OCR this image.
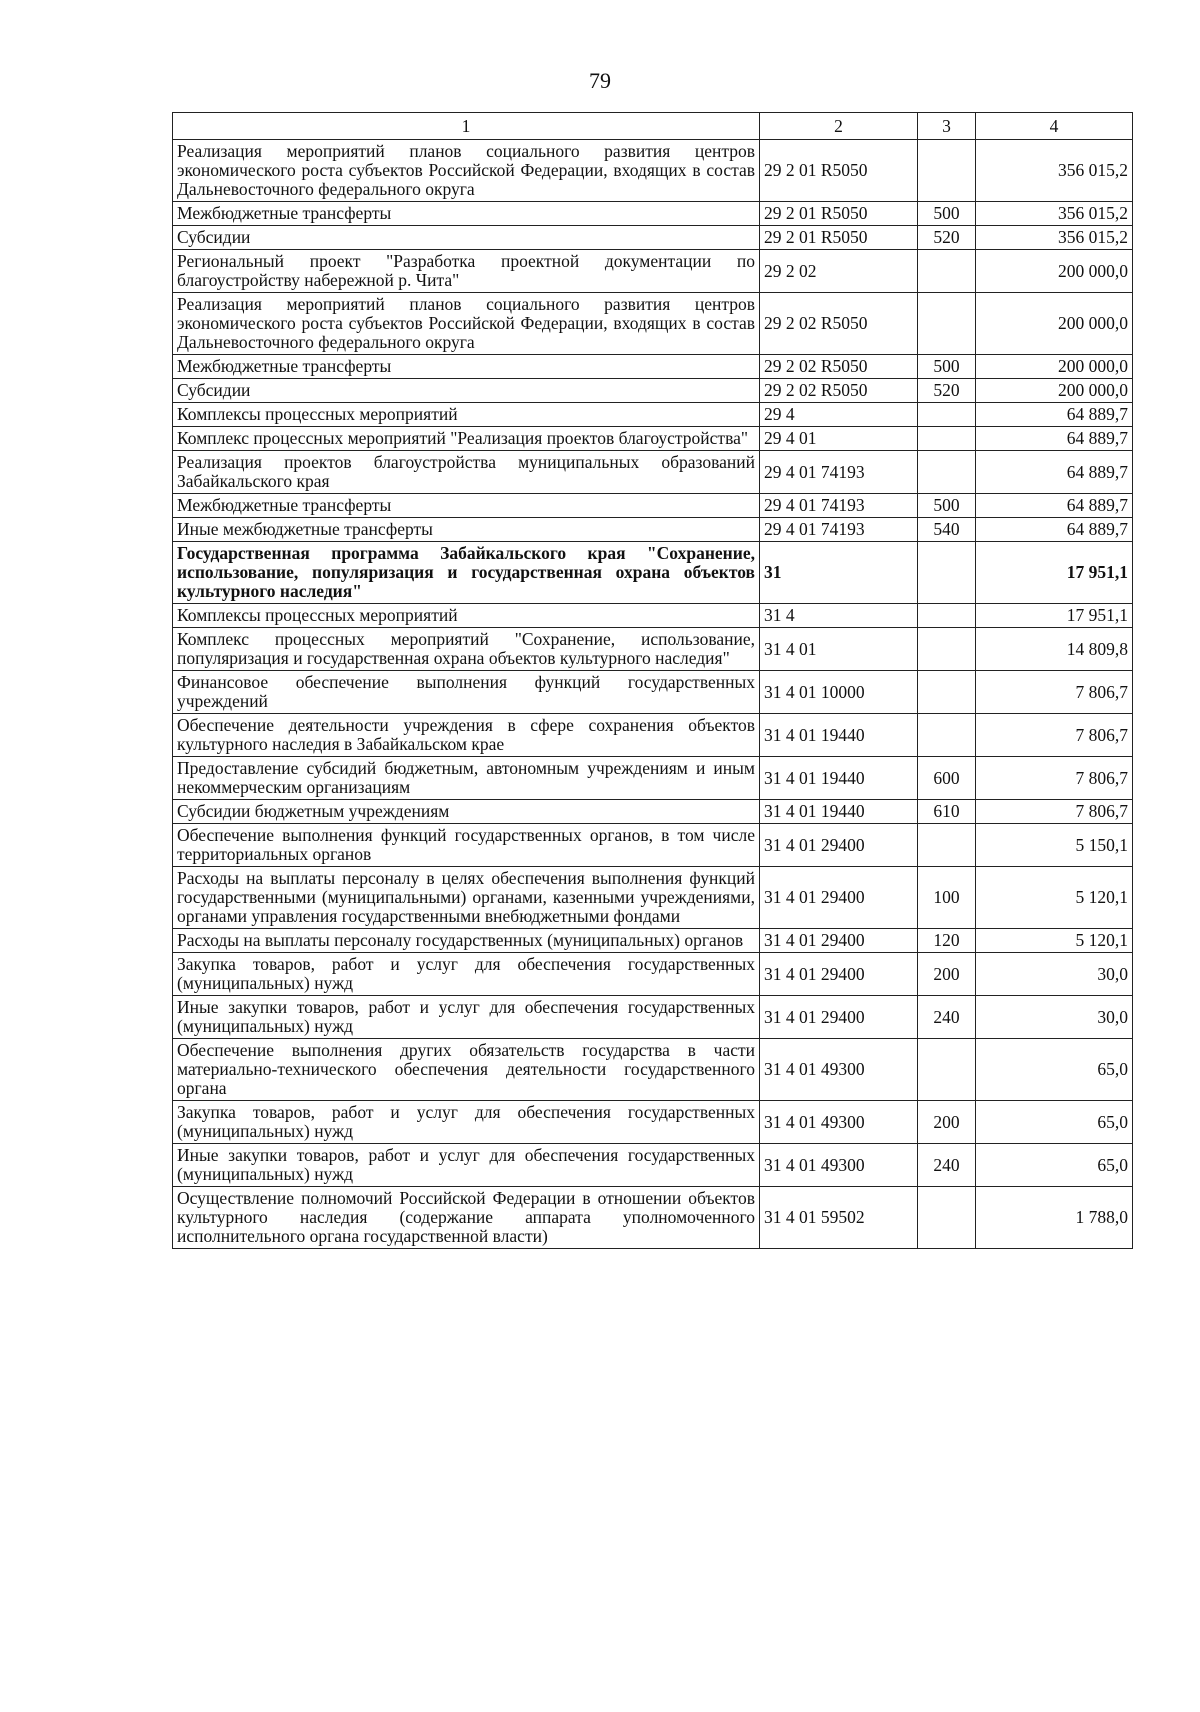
79
1	2	3	4
Реализация мероприятий планов социального развития центров экономического роста субъектов Российской Федерации, входящих в состав Дальневосточного федерального округа	29 2 01 R5050		356 015,2
Межбюджетные трансферты	29 2 01 R5050	500	356 015,2
Субсидии	29 2 01 R5050	520	356 015,2
Региональный проект "Разработка проектной документации по благоустройству набережной р. Чита"	29 2 02		200 000,0
Реализация мероприятий планов социального развития центров экономического роста субъектов Российской Федерации, входящих в состав Дальневосточного федерального округа	29 2 02 R5050		200 000,0
Межбюджетные трансферты	29 2 02 R5050	500	200 000,0
Субсидии	29 2 02 R5050	520	200 000,0
Комплексы процессных мероприятий	29 4		64 889,7
Комплекс процессных мероприятий "Реализация проектов благоустройства"	29 4 01		64 889,7
Реализация проектов благоустройства муниципальных образований Забайкальского края	29 4 01 74193		64 889,7
Межбюджетные трансферты	29 4 01 74193	500	64 889,7
Иные межбюджетные трансферты	29 4 01 74193	540	64 889,7
Государственная программа Забайкальского края "Сохранение, использование, популяризация и государственная охрана объектов культурного наследия"	31		17 951,1
Комплексы процессных мероприятий	31 4		17 951,1
Комплекс процессных мероприятий "Сохранение, использование, популяризация и государственная охрана объектов культурного наследия"	31 4 01		14 809,8
Финансовое обеспечение выполнения функций государственных учреждений	31 4 01 10000		7 806,7
Обеспечение деятельности учреждения в сфере сохранения объектов культурного наследия в Забайкальском крае	31 4 01 19440		7 806,7
Предоставление субсидий бюджетным, автономным учреждениям и иным некоммерческим организациям	31 4 01 19440	600	7 806,7
Субсидии бюджетным учреждениям	31 4 01 19440	610	7 806,7
Обеспечение выполнения функций государственных органов, в том числе территориальных органов	31 4 01 29400		5 150,1
Расходы на выплаты персоналу в целях обеспечения выполнения функций государственными (муниципальными) органами, казенными учреждениями, органами управления государственными внебюджетными фондами	31 4 01 29400	100	5 120,1
Расходы на выплаты персоналу государственных (муниципальных) органов	31 4 01 29400	120	5 120,1
Закупка товаров, работ и услуг для обеспечения государственных (муниципальных) нужд	31 4 01 29400	200	30,0
Иные закупки товаров, работ и услуг для обеспечения государственных (муниципальных) нужд	31 4 01 29400	240	30,0
Обеспечение выполнения других обязательств государства в части материально-технического обеспечения деятельности государственного органа	31 4 01 49300		65,0
Закупка товаров, работ и услуг для обеспечения государственных (муниципальных) нужд	31 4 01 49300	200	65,0
Иные закупки товаров, работ и услуг для обеспечения государственных (муниципальных) нужд	31 4 01 49300	240	65,0
Осуществление полномочий Российской Федерации в отношении объектов культурного наследия (содержание аппарата уполномоченного исполнительного органа государственной власти)	31 4 01 59502		1 788,0
